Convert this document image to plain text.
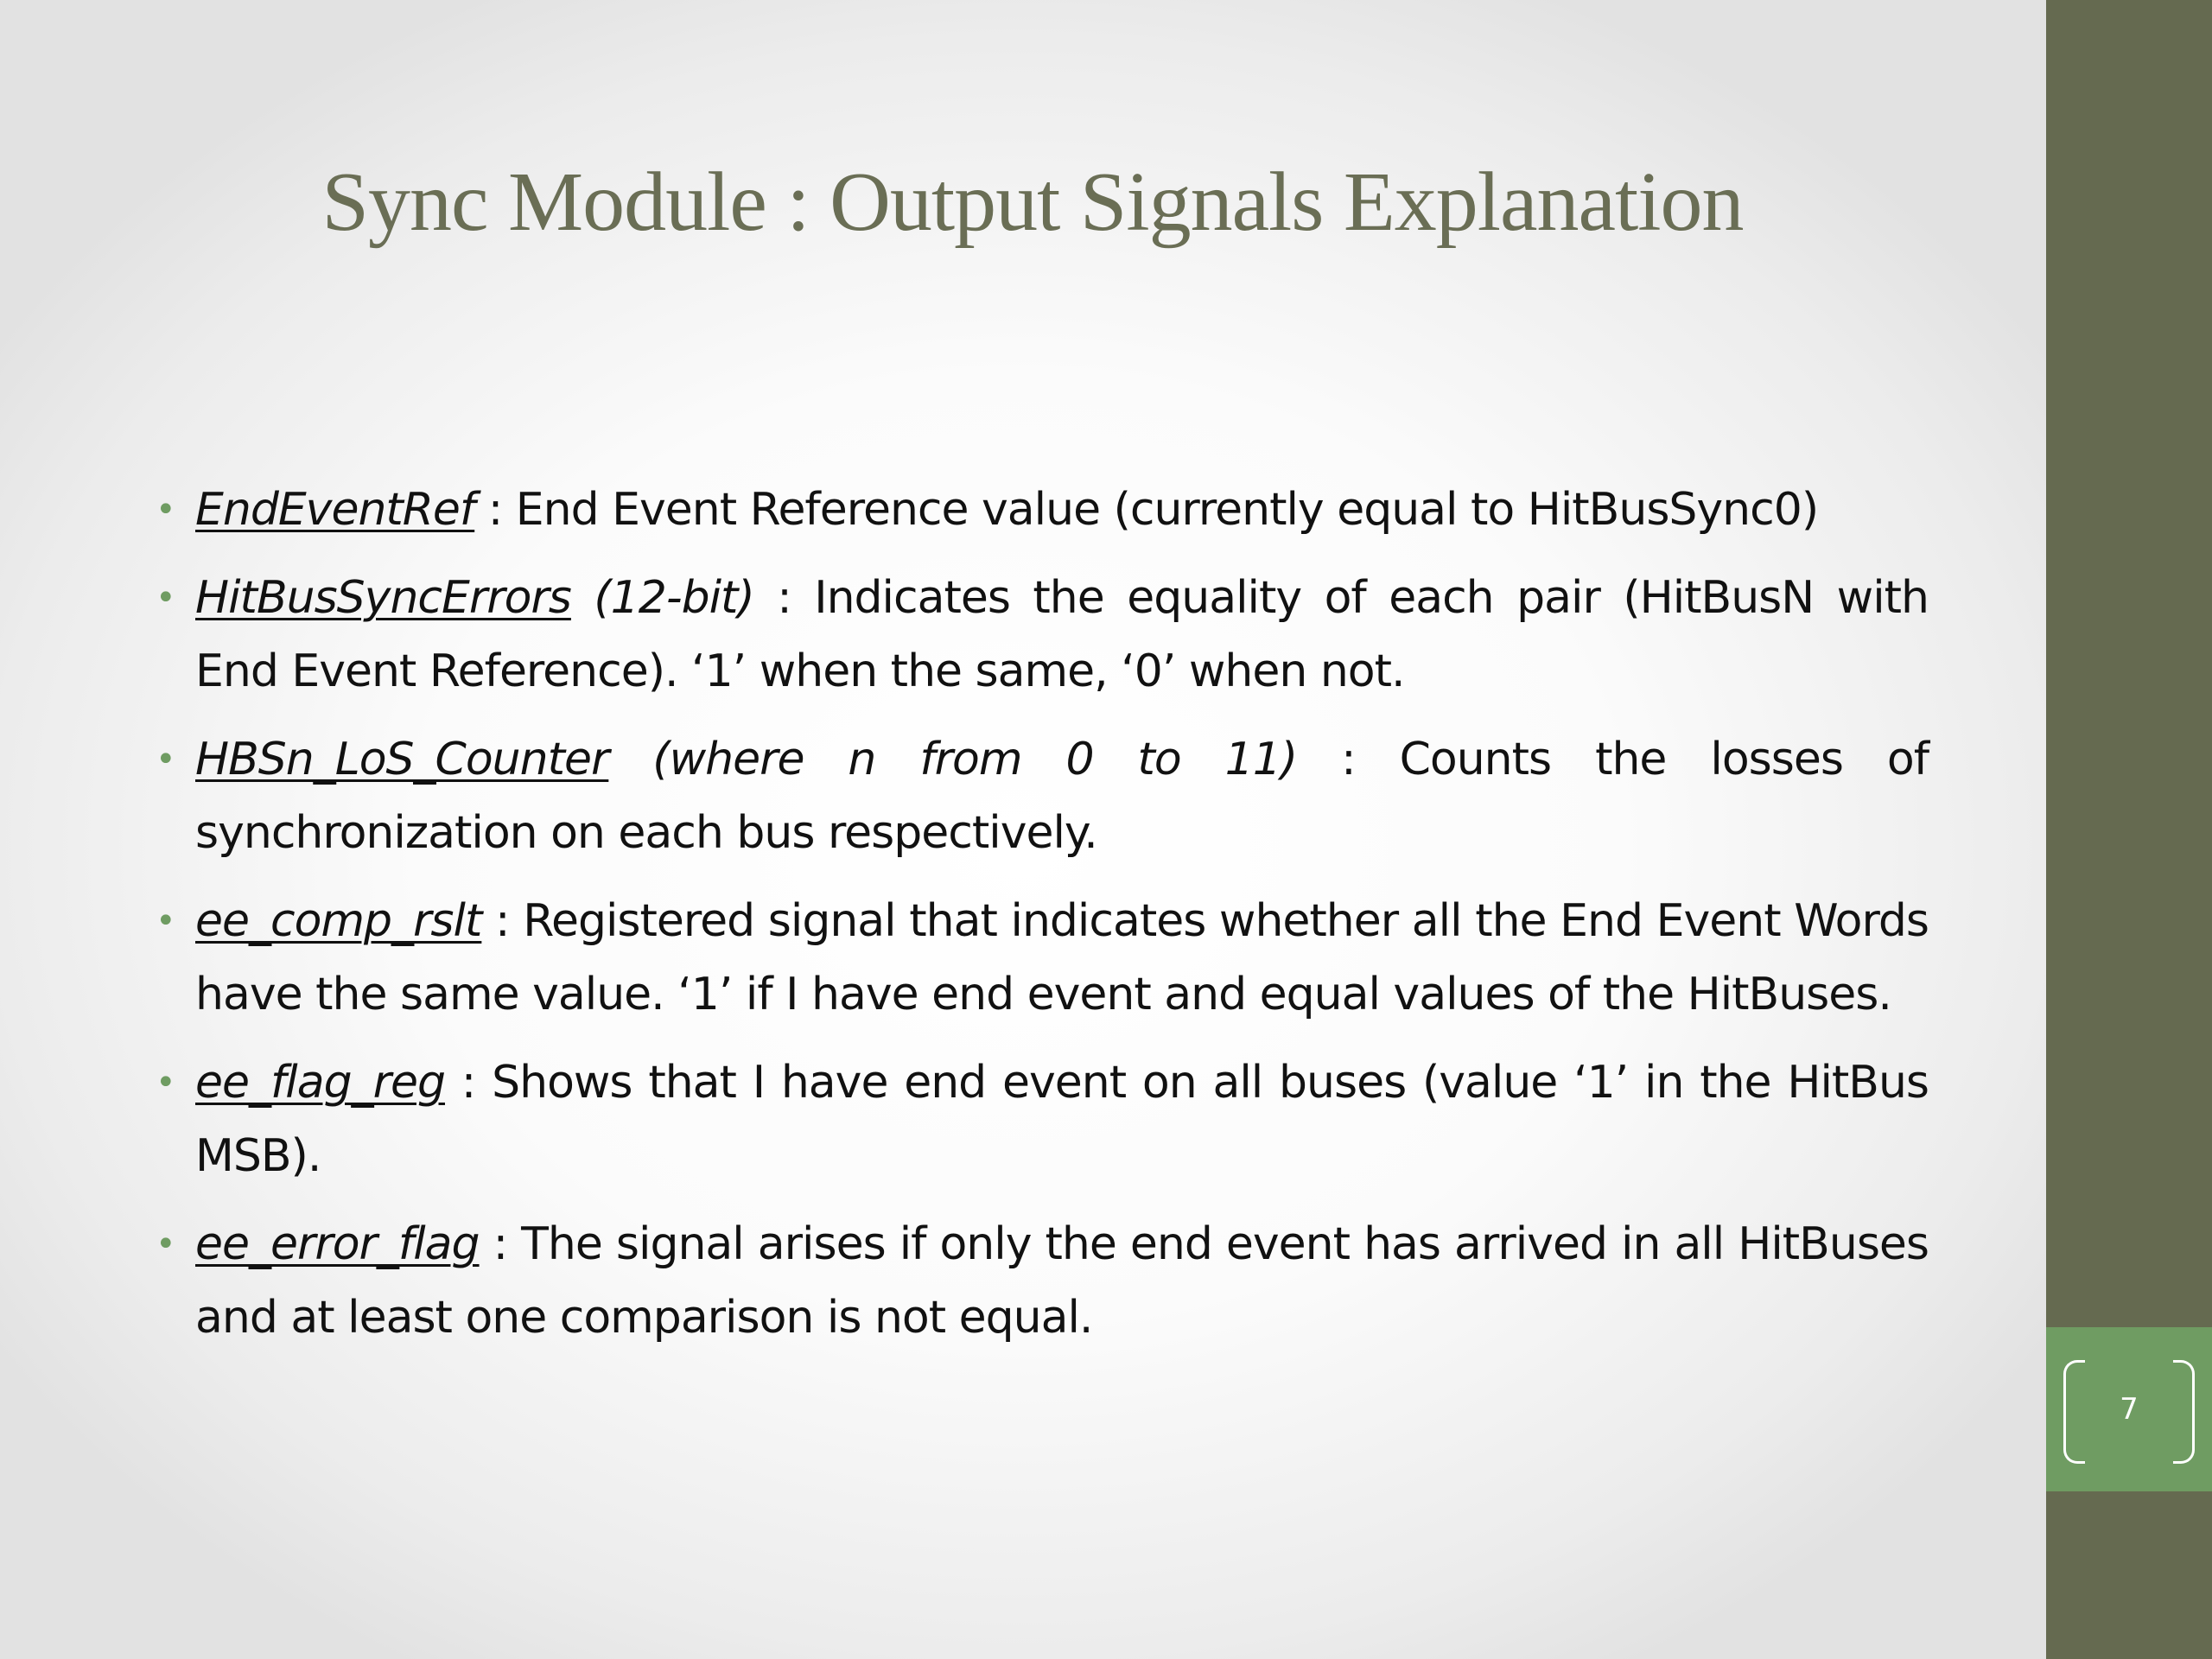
Sync Module : Output Signals Explanation
• EndEventRef : End Event Reference value (currently equal to HitBusSync0)
• HitBusSyncErrors (12-bit) : Indicates the equality of each pair (HitBusN with End Event Reference). ‘1’ when the same, ‘0’ when not.
• HBSn_LoS_Counter (where n from 0 to 11) : Counts the losses of synchronization on each bus respectively.
• ee_comp_rslt : Registered signal that indicates whether all the End Event Words have the same value. ‘1’ if I have end event and equal values of the HitBuses.
• ee_flag_reg : Shows that I have end event on all buses (value ‘1’ in the HitBus MSB).
• ee_error_flag : The signal arises if only the end event has arrived in all HitBuses and at least one comparison is not equal.
7
